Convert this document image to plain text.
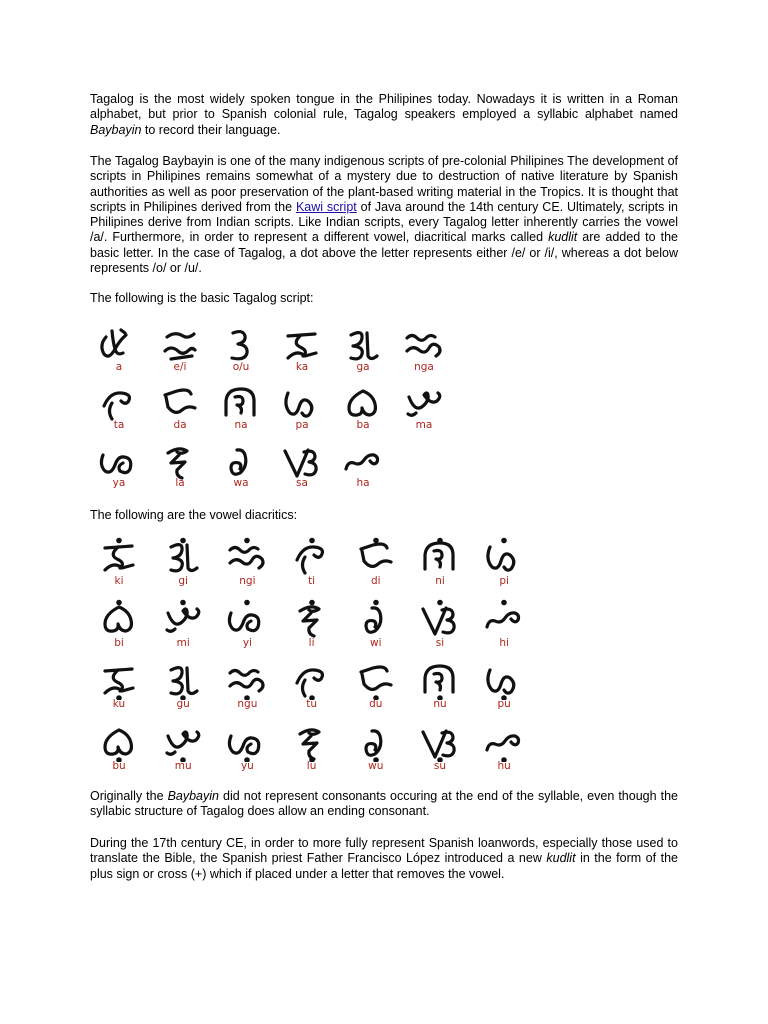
Tagalog is the most widely spoken tongue in the Philipines today. Nowadays it is written in a Roman alphabet, but prior to Spanish colonial rule, Tagalog speakers employed a syllabic alphabet named Baybayin to record their language.

The Tagalog Baybayin is one of the many indigenous scripts of pre-colonial Philipines The development of scripts in Philipines remains somewhat of a mystery due to destruction of native literature by Spanish authorities as well as poor preservation of the plant-based writing material in the Tropics. It is thought that scripts in Philipines derived from the Kawi script of Java around the 14th century CE. Ultimately, scripts in Philipines derive from Indian scripts. Like Indian scripts, every Tagalog letter inherently carries the vowel /a/. Furthermore, in order to represent a different vowel, diacritical marks called kudlit are added to the basic letter. In the case of Tagalog, a dot above the letter represents either /e/ or /i/, whereas a dot below represents /o/ or /u/.

The following is the basic Tagalog script:

a	e/i	o/u	ka	ga	nga
ta	da	na	pa	ba	ma
ya	la	wa	sa	ha

The following are the vowel diacritics:

ki	gi	ngi	ti	di	ni	pi
bi	mi	yi	li	wi	si	hi
ku	gu	ngu	tu	du	nu	pu
bu	mu	yu	lu	wu	su	hu

Originally the Baybayin did not represent consonants occuring at the end of the syllable, even though the syllabic structure of Tagalog does allow an ending consonant.

During the 17th century CE, in order to more fully represent Spanish loanwords, especially those used to translate the Bible, the Spanish priest Father Francisco López introduced a new kudlit in the form of the plus sign or cross (+) which if placed under a letter that removes the vowel.
